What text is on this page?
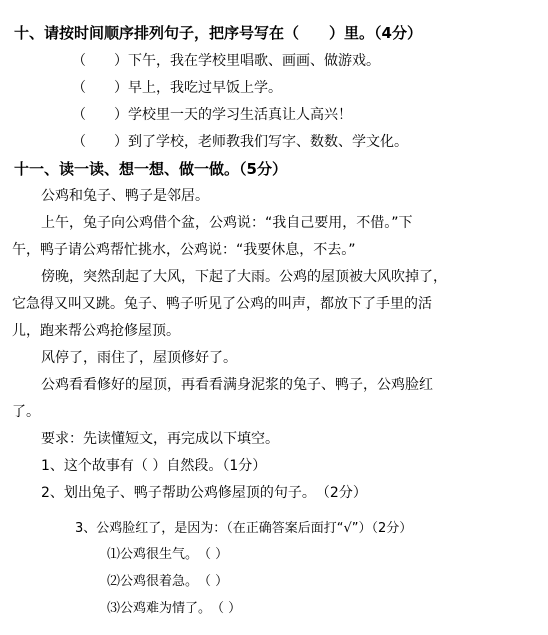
十、请按时间顺序排列句子，把序号写在（　　）里。（4分）
（　　）下午，我在学校里唱歌、画画、做游戏。
（　　）早上，我吃过早饭上学。
（　　）学校里一天的学习生活真让人高兴！
（　　）到了学校，老师教我们写字、数数、学文化。
十一、读一读、想一想、做一做。（5分）
公鸡和兔子、鸭子是邻居。
上午，兔子向公鸡借个盆，公鸡说：“我自己要用，不借。”下
午，鸭子请公鸡帮忙挑水，公鸡说：“我要休息，不去。”
傍晚，突然刮起了大风，下起了大雨。公鸡的屋顶被大风吹掉了，
它急得又叫又跳。兔子、鸭子听见了公鸡的叫声，都放下了手里的活
儿，跑来帮公鸡抢修屋顶。
风停了，雨住了，屋顶修好了。
公鸡看看修好的屋顶，再看看满身泥浆的兔子、鸭子，公鸡脸红
了。
要求：先读懂短文，再完成以下填空。
1、这个故事有（ ）自然段。（1分）
2、划出兔子、鸭子帮助公鸡修屋顶的句子。　（2分）
3、公鸡脸红了，是因为：（在正确答案后面打“√”）（2分）
⑴公鸡很生气。　（ ）
⑵公鸡很着急。　（ ）
⑶公鸡难为情了。　（ ）
